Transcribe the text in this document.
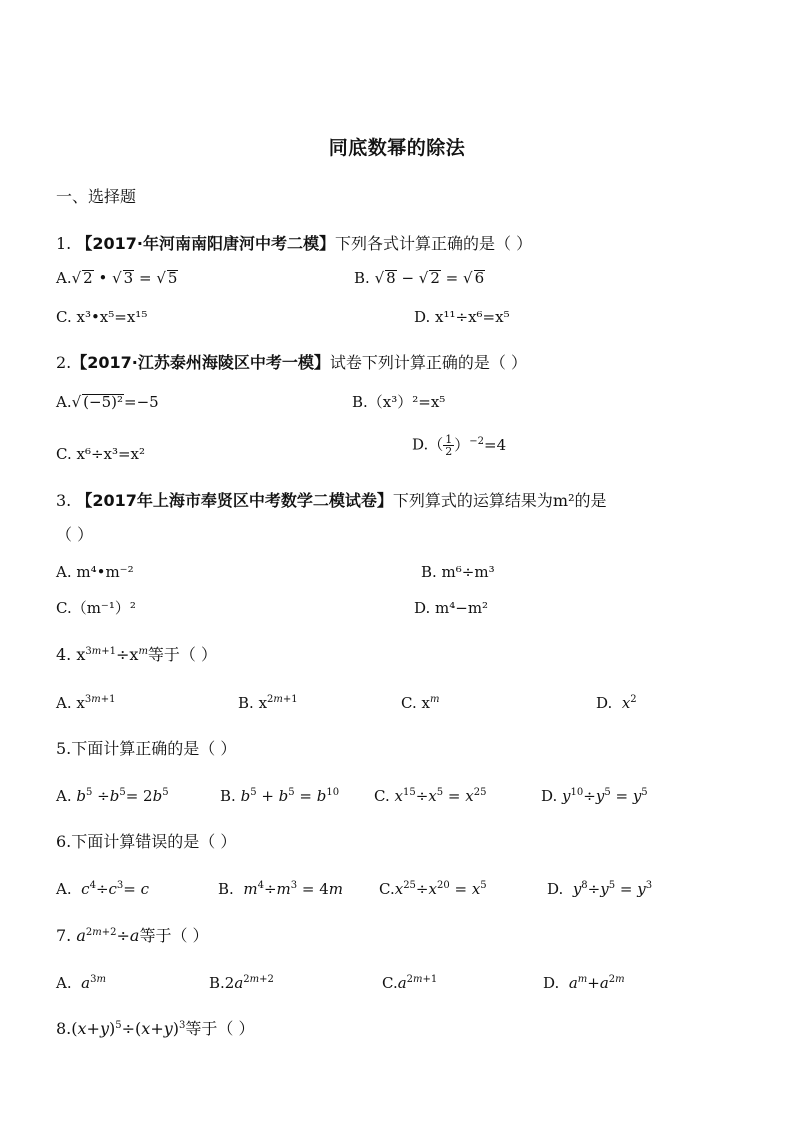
同底数幂的除法
一、选择题
1. 【2017·年河南南阳唐河中考二模】下列各式计算正确的是（ ）
A.√ 2 • √ 3 = √ 5	B. √ 8 − √ 2 = √ 6
C. x³•x⁵=x¹⁵	D. x¹¹÷x⁶=x⁵
2.【2017·江苏泰州海陵区中考一模】试卷下列计算正确的是（ ）
A.√ (−5)²=−5	B.（x³）²=x⁵
C. x⁶÷x³=x²
$D.( \frac{1}{2} )^{-2}=4$
3. 【2017年上海市奉贤区中考数学二模试卷】下列算式的运算结果为m²的是
（ ）
A. m⁴•m⁻²	B. m⁶÷m³
C.（m⁻¹）²	D. m⁴−m²
4. $x^{3m+1}\div x^m$等于（ ）
A. $x^{3m+1}$	B. $x^{2m+1}$	C. $x^m$	D. $x^2$
5.下面计算正确的是（ ）
A. $b^5 \div b^5= 2b^5$	B. $b^5 + b^5 = b^{10}$ C. $x^{15}\div x^5 = x^{25}$	D. $y^{10}\div y^5 = y^5$
6.下面计算错误的是（ ）
A. $c^4\div c^3= c$	B. $m^4\div m^3 = 4m$ $C.x^{25}\div x^{20} = x^5$	D. $y^8\div y^5 = y^3$
7. $a^{2m+2}\div a$等于（ ）
A. $a^{3m}$	$B.2a^{2m+2}$	$C.a^{2m+1}$	D. $a^m+a^{2m}$
$8.(x+y)^5\div(x+y)^3$等于（ ）
